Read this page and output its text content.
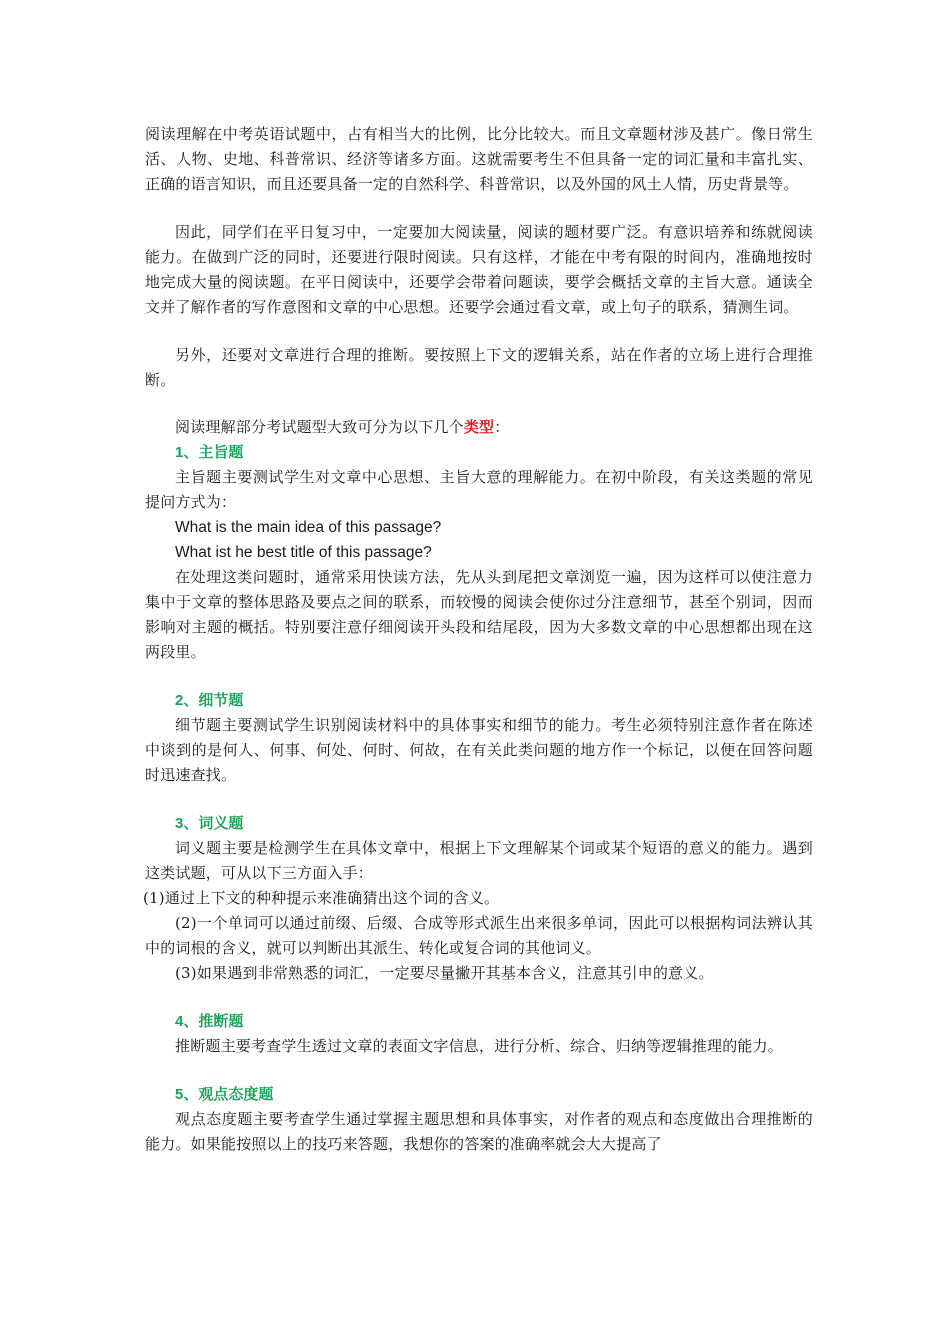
阅读理解在中考英语试题中，占有相当大的比例，比分比较大。而且文章题材涉及甚广。像日常生活、人物、史地、科普常识、经济等诸多方面。这就需要考生不但具备一定的词汇量和丰富扎实、正确的语言知识，而且还要具备一定的自然科学、科普常识，以及外国的风土人情，历史背景等。

因此，同学们在平日复习中，一定要加大阅读量，阅读的题材要广泛。有意识培养和练就阅读能力。在做到广泛的同时，还要进行限时阅读。只有这样，才能在中考有限的时间内，准确地按时地完成大量的阅读题。在平日阅读中，还要学会带着问题读，要学会概括文章的主旨大意。通读全文并了解作者的写作意图和文章的中心思想。还要学会通过看文章，或上句子的联系，猜测生词。

另外，还要对文章进行合理的推断。要按照上下文的逻辑关系，站在作者的立场上进行合理推断。

阅读理解部分考试题型大致可分为以下几个类型：

1、主旨题

主旨题主要测试学生对文章中心思想、主旨大意的理解能力。在初中阶段，有关这类题的常见提问方式为：

What is the main idea of this passage?
What ist he best title of this passage?

在处理这类问题时，通常采用快读方法，先从头到尾把文章浏览一遍，因为这样可以使注意力集中于文章的整体思路及要点之间的联系，而较慢的阅读会使你过分注意细节，甚至个别词，因而影响对主题的概括。特别要注意仔细阅读开头段和结尾段，因为大多数文章的中心思想都出现在这两段里。

2、细节题

细节题主要测试学生识别阅读材料中的具体事实和细节的能力。考生必须特别注意作者在陈述中谈到的是何人、何事、何处、何时、何故，在有关此类问题的地方作一个标记，以便在回答问题时迅速查找。

3、词义题

词义题主要是检测学生在具体文章中，根据上下文理解某个词或某个短语的意义的能力。遇到这类试题，可从以下三方面入手：

(1)通过上下文的种种提示来准确猜出这个词的含义。

(2)一个单词可以通过前缀、后缀、合成等形式派生出来很多单词，因此可以根据构词法辨认其中的词根的含义，就可以判断出其派生、转化或复合词的其他词义。

(3)如果遇到非常熟悉的词汇，一定要尽量撇开其基本含义，注意其引申的意义。

4、推断题

推断题主要考查学生透过文章的表面文字信息，进行分析、综合、归纳等逻辑推理的能力。

5、观点态度题

观点态度题主要考查学生通过掌握主题思想和具体事实，对作者的观点和态度做出合理推断的能力。如果能按照以上的技巧来答题，我想你的答案的准确率就会大大提高了
